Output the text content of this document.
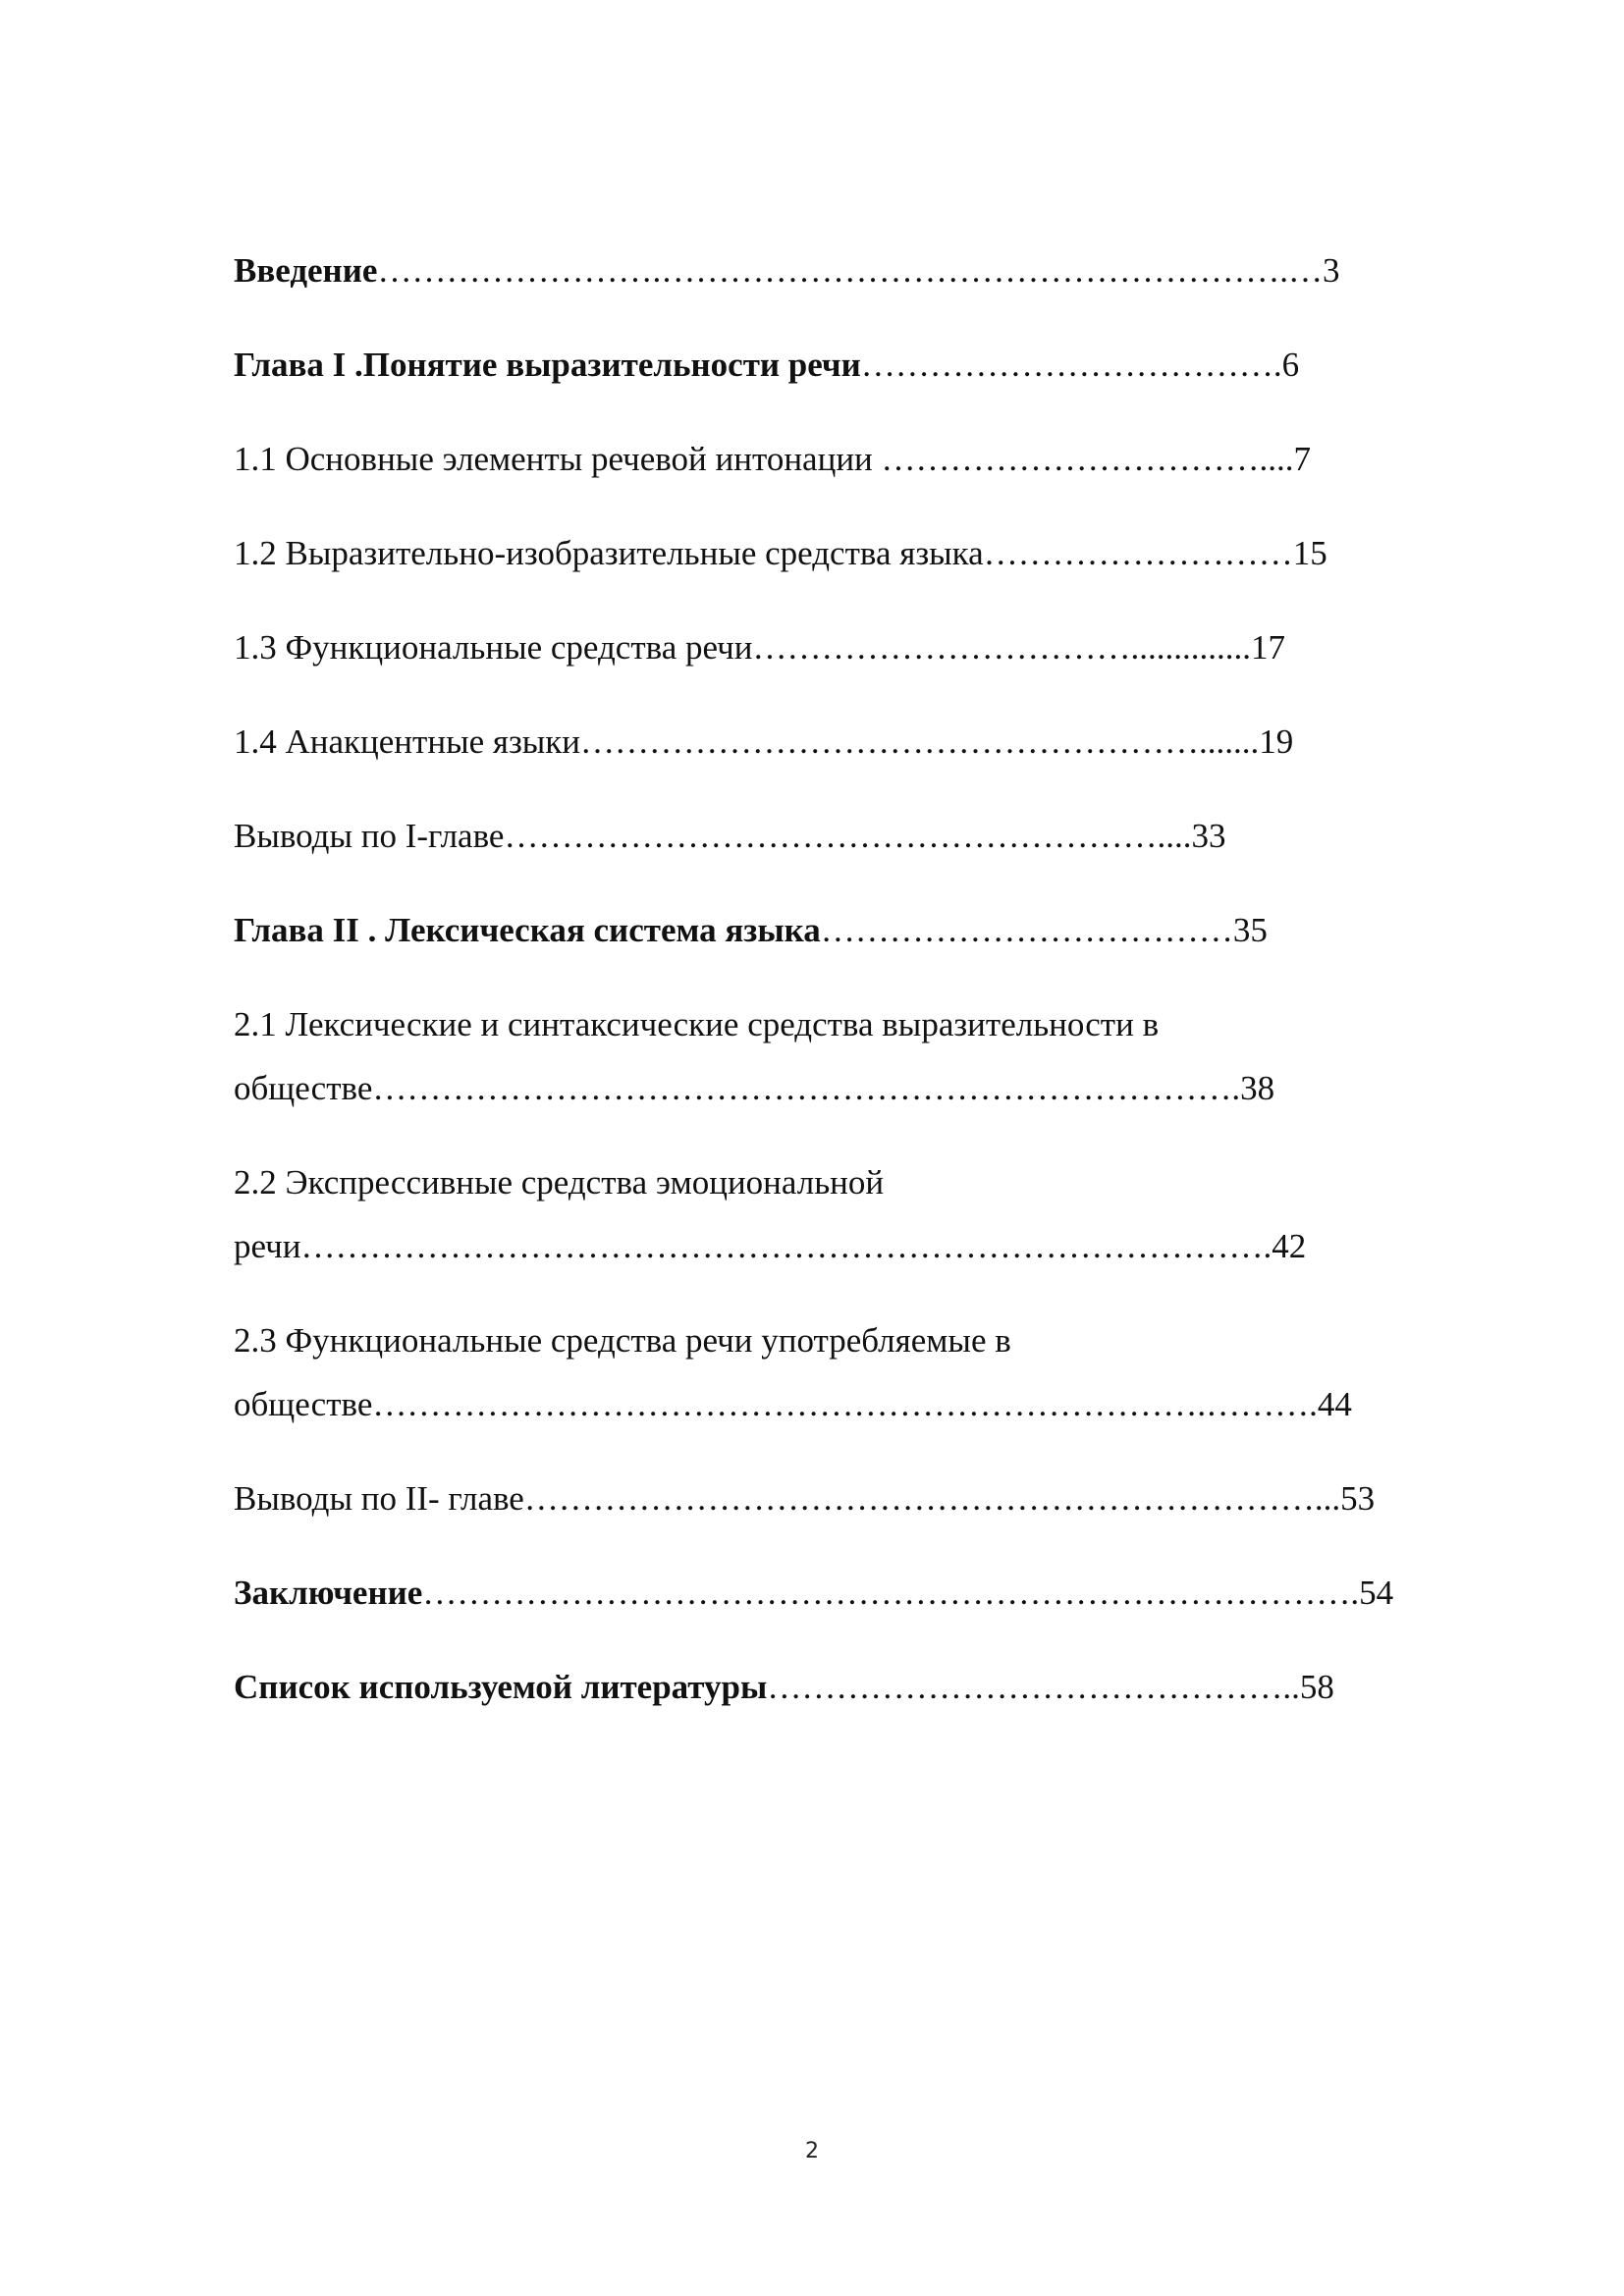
Введение…………………….……………………………………………….…3
Глава I .Понятие выразительности речи……………………………….6
1.1 Основные элементы речевой интонации ……………………………....7
1.2 Выразительно-изобразительные средства языка………………………15
1.3 Функциональные средства речи……………………………..............17
1.4 Анакцентные языки……………………………………………….......19
Выводы по I-главе…………………………………………………....33
Глава II . Лексическая система языка………………………………35
2.1 Лексические и синтаксические средства выразительности в
обществе………………………………………………………………….38
2.2 Экспрессивные средства эмоциональной
речи………………………………………………………………………….42
2.3 Функциональные средства речи употребляемые в
обществе……………………………………………………………….……….44
Выводы по II- главе……………………………………………………………...53
Заключение……………………………………………………………………….54
Список используемой литературы………………………………………..58
2
